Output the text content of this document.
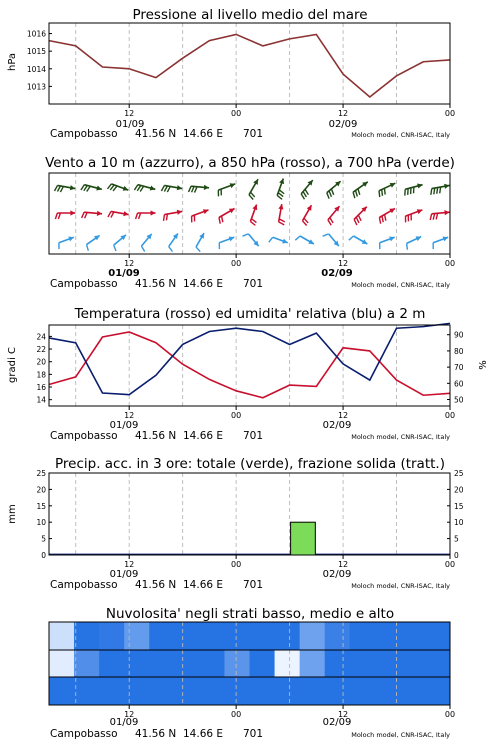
Pressione al livello medio del mare
hPa
1013
1014
1015
1016
12	00	12	00
01/09	02/09
Campobasso 41.56 N 14.66 E 701	Moloch model, CNR-ISAC, Italy
Vento a 10 m (azzurro), a 850 hPa (rosso), a 700 hPa (verde)
12	00	12	00
01/09	02/09
Campobasso 41.56 N 14.66 E 701	Moloch model, CNR-ISAC, Italy
Temperatura (rosso) ed umidita' relativa (blu) a 2 m
gradi C	%
14
16
18
20
22
24
50
60
70
80
90
12	00	12	00
01/09	02/09
Campobasso 41.56 N 14.66 E 701	Moloch model, CNR-ISAC, Italy
Precip. acc. in 3 ore: totale (verde), frazione solida (tratt.)
mm
0	0
5	5
10	10
15	15
20	20
25	25
12	00	12	00
01/09	02/09
Campobasso 41.56 N 14.66 E 701	Moloch model, CNR-ISAC, Italy
Nuvolosita' negli strati basso, medio e alto
12	00	12	00
01/09	02/09
Campobasso 41.56 N 14.66 E 701	Moloch model, CNR-ISAC, Italy
